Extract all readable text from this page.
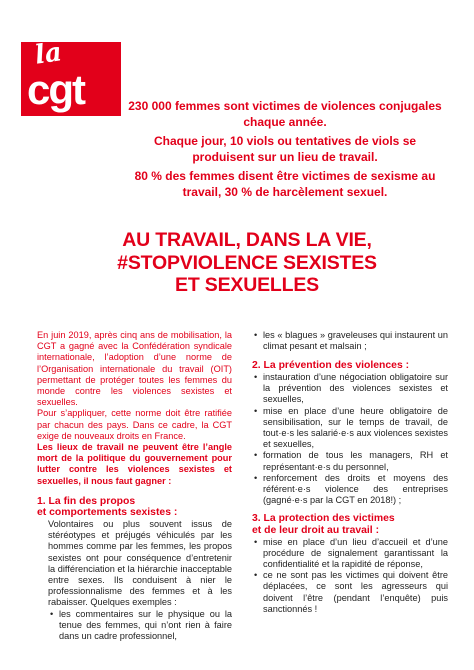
la
cgt	230 000 femmes sont victimes de violences conjugales chaque année.

Chaque jour, 10 viols ou tentatives de viols se produisent sur un lieu de travail.

80 % des femmes disent être victimes de sexisme au travail, 30 % de harcèlement sexuel.

AU TRAVAIL, DANS LA VIE,
#STOPVIOLENCE SEXISTES
ET SEXUELLES

En juin 2019, après cinq ans de mobilisation, la CGT a gagné avec la Confédération syndicale internationale, l’adoption d’une norme de l’Organisation internationale du travail (OIT) permettant de protéger toutes les femmes du monde contre les violences sexistes et sexuelles.

Pour s’appliquer, cette norme doit être ratifiée par chacun des pays. Dans ce cadre, la CGT exige de nouveaux droits en France.

Les lieux de travail ne peuvent être l’angle mort de la politique du gouvernement pour lutter contre les violences sexistes et sexuelles, il nous faut gagner :

1. La fin des propos
et comportements sexistes :

Volontaires ou plus souvent issus de stéréotypes et préjugés véhiculés par les hommes comme par les femmes, les propos sexistes ont pour conséquence d’entretenir la différenciation et la hiérarchie inacceptable entre sexes. Ils conduisent à nier le professionnalisme des femmes et à les rabaisser. Quelques exemples :

• les commentaires sur le physique ou la tenue des femmes, qui n’ont rien à faire dans un cadre professionnel,
• les « blagues » graveleuses qui instaurent un climat pesant et malsain ;

2. La prévention des violences :

• instauration d’une négociation obligatoire sur la prévention des violences sexistes et sexuelles,
• mise en place d’une heure obligatoire de sensibilisation, sur le temps de travail, de tout·e·s les salarié·e·s aux violences sexistes et sexuelles,
• formation de tous les managers, RH et représentant·e·s du personnel,
• renforcement des droits et moyens des référent·e·s violence des entreprises (gagné·e·s par la CGT en 2018!) ;

3. La protection des victimes
et de leur droit au travail :

• mise en place d’un lieu d’accueil et d’une procédure de signalement garantissant la confidentialité et la rapidité de réponse,
• ce ne sont pas les victimes qui doivent être déplacées, ce sont les agresseurs qui doivent l’être (pendant l’enquête) puis sanctionnés !
